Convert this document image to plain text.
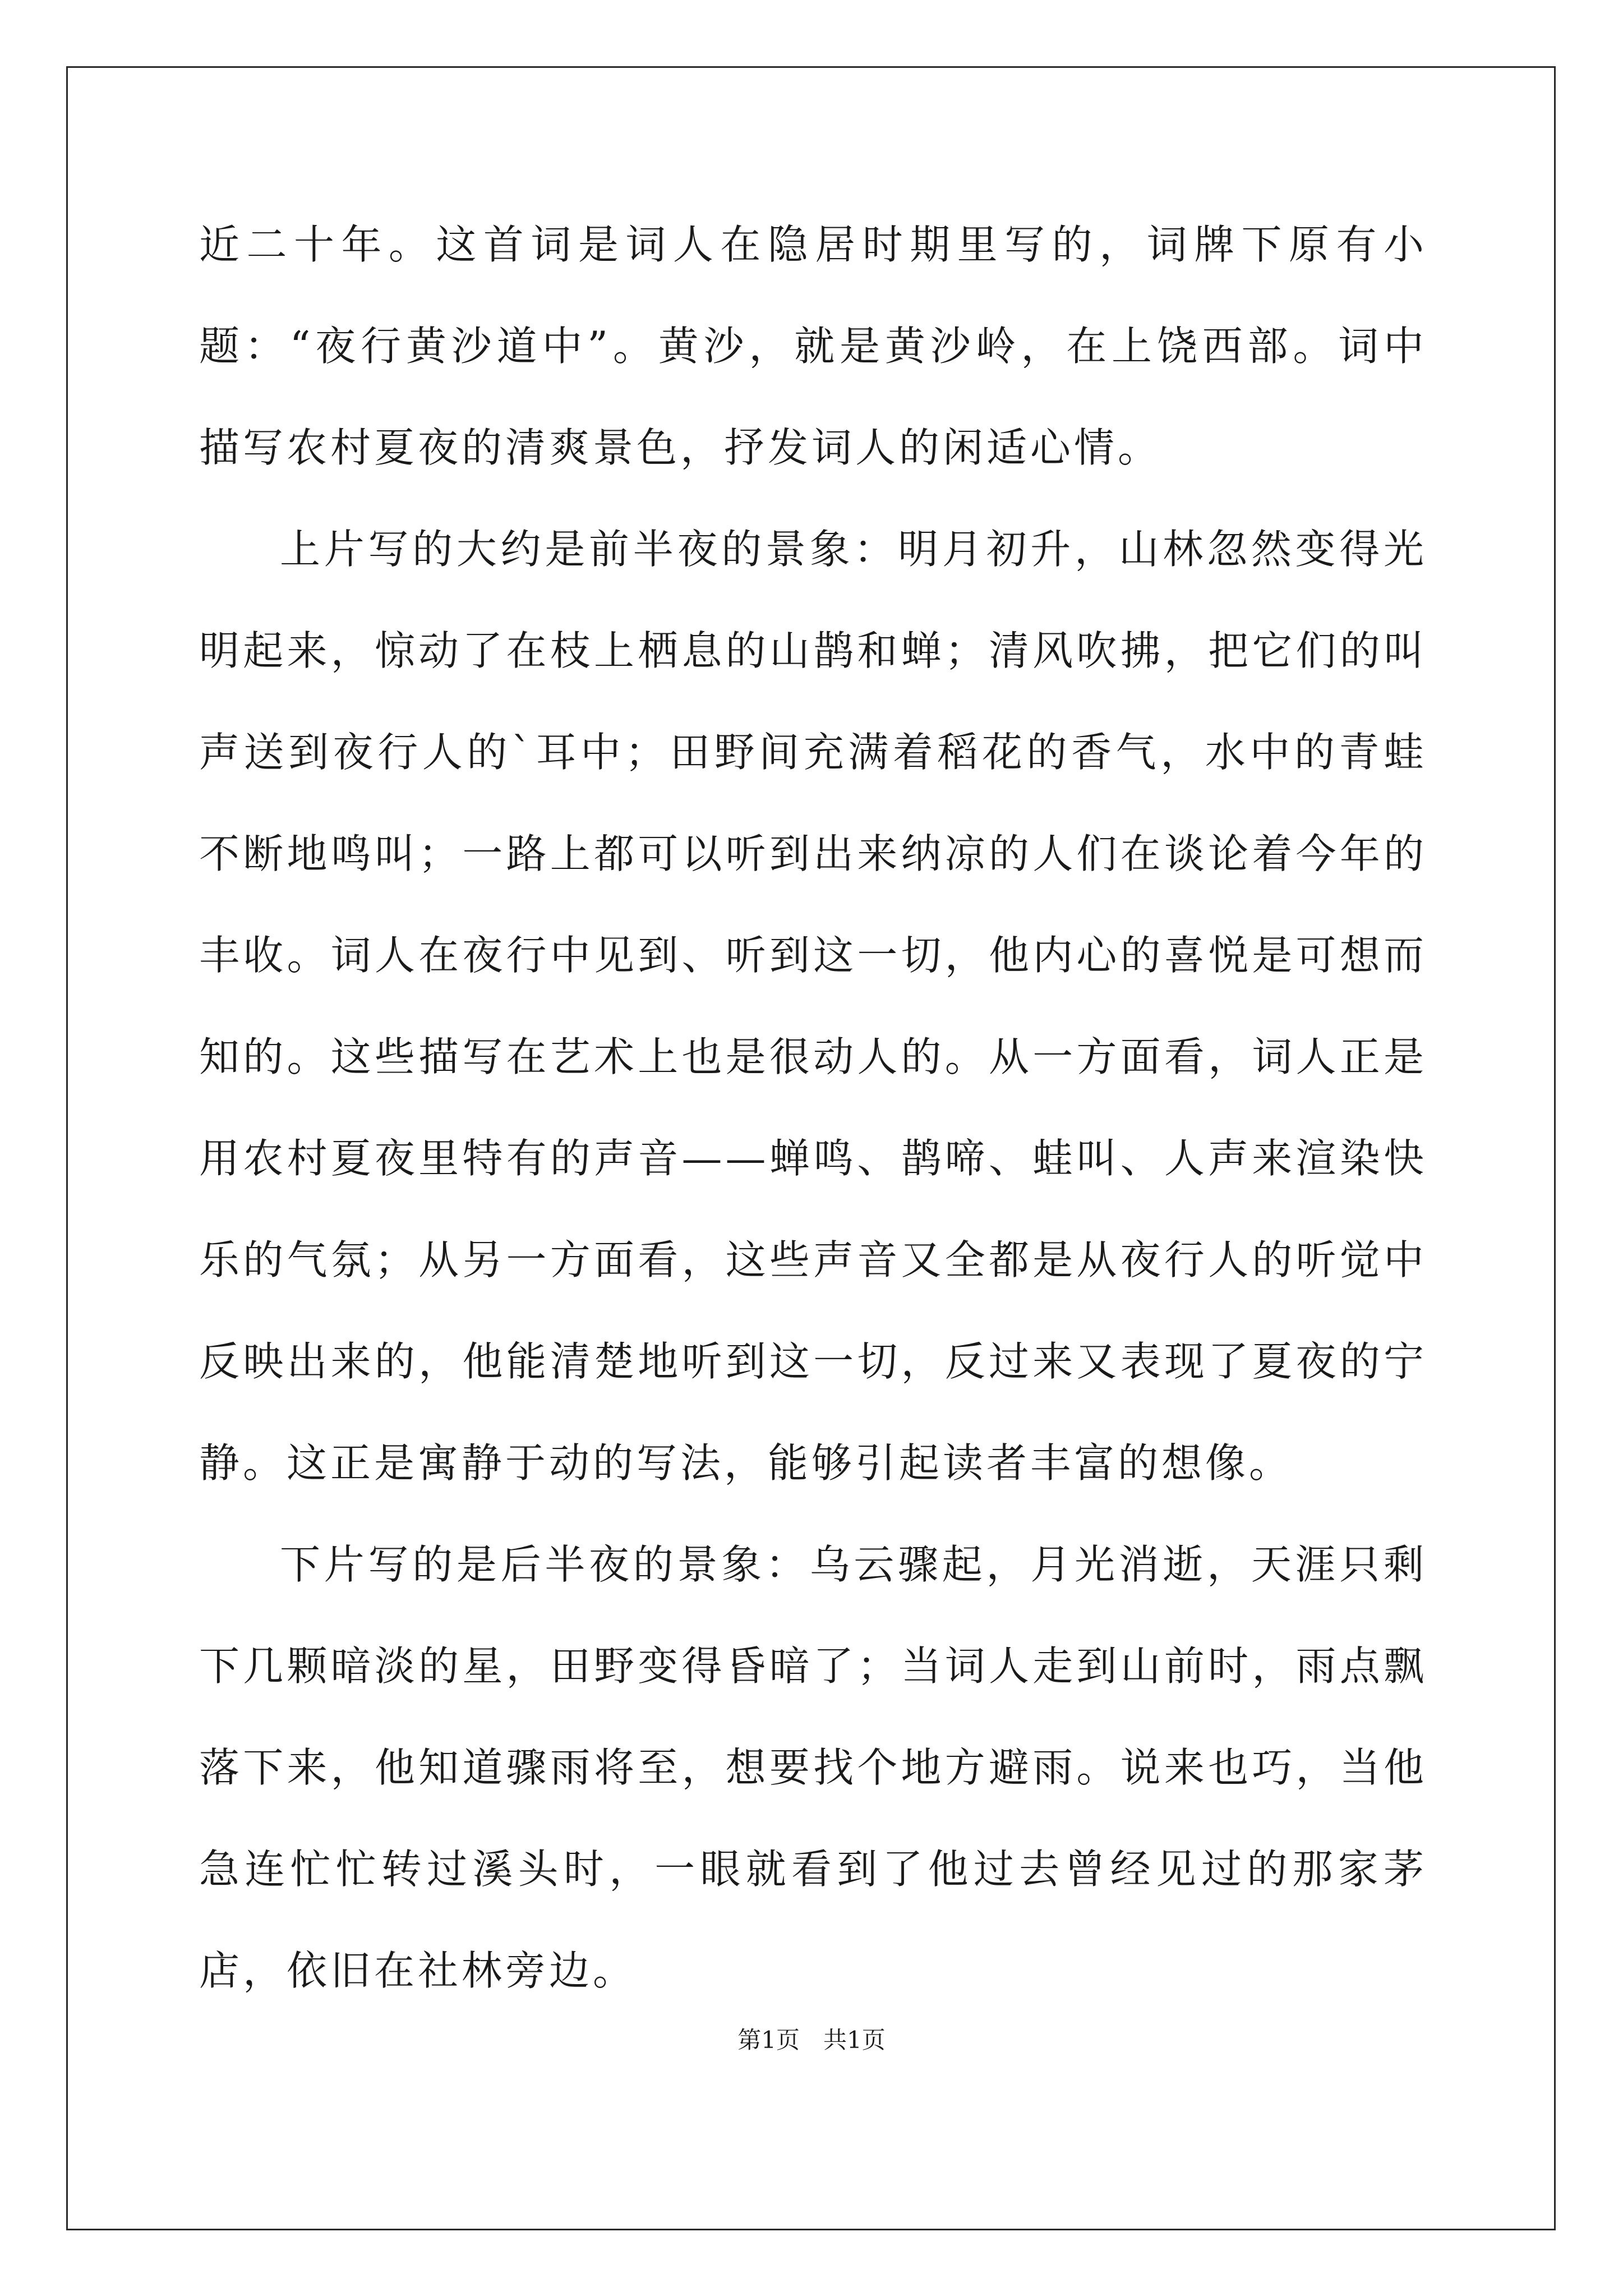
近二十年。这首词是词人在隐居时期里写的，词牌下原有小题：“夜行黄沙道中”。黄沙，就是黄沙岭，在上饶西部。词中描写农村夏夜的清爽景色，抒发词人的闲适心情。

上片写的大约是前半夜的景象：明月初升，山林忽然变得光明起来，惊动了在枝上栖息的山鹊和蝉；清风吹拂，把它们的叫声送到夜行人的`耳中；田野间充满着稻花的香气，水中的青蛙不断地鸣叫；一路上都可以听到出来纳凉的人们在谈论着今年的丰收。词人在夜行中见到、听到这一切，他内心的喜悦是可想而知的。这些描写在艺术上也是很动人的。从一方面看，词人正是用农村夏夜里特有的声音——蝉鸣、鹊啼、蛙叫、人声来渲染快乐的气氛；从另一方面看，这些声音又全都是从夜行人的听觉中反映出来的，他能清楚地听到这一切，反过来又表现了夏夜的宁静。这正是寓静于动的写法，能够引起读者丰富的想像。

下片写的是后半夜的景象：乌云骤起，月光消逝，天涯只剩下几颗暗淡的星，田野变得昏暗了；当词人走到山前时，雨点飘落下来，他知道骤雨将至，想要找个地方避雨。说来也巧，当他急连忙忙转过溪头时，一眼就看到了他过去曾经见过的那家茅店，依旧在社林旁边。

第1页　共1页
